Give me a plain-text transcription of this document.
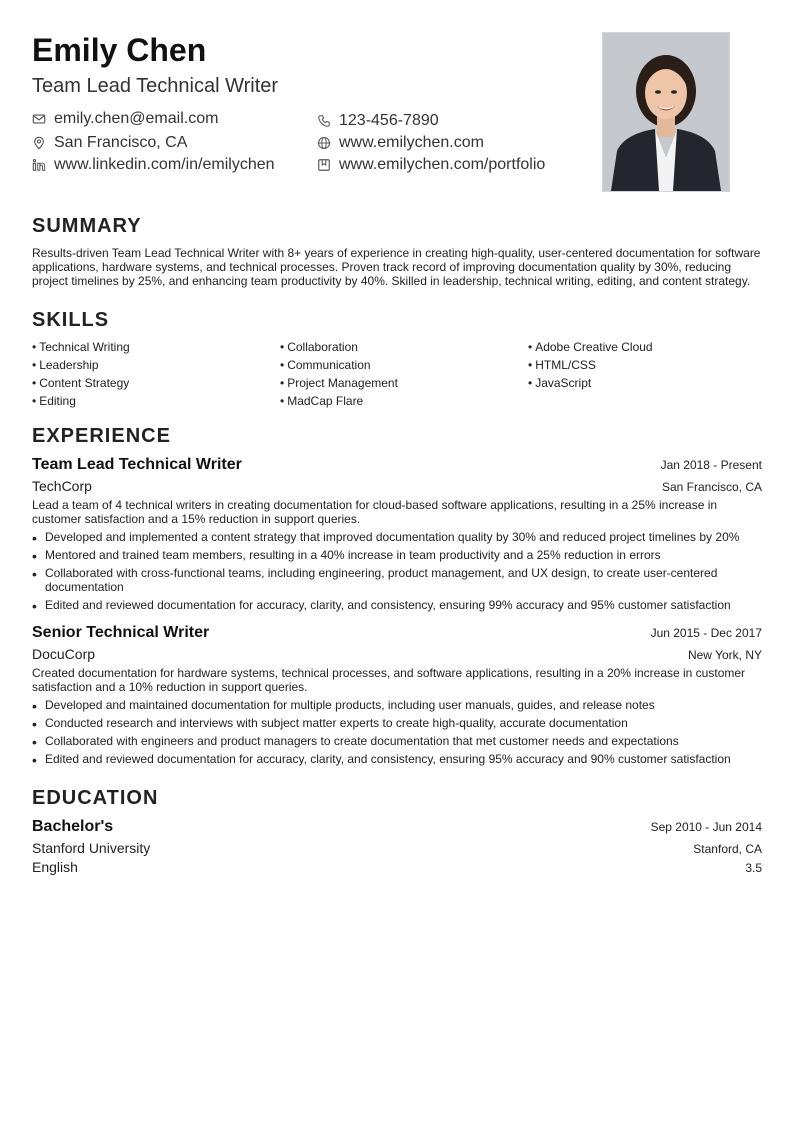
Emily Chen
Team Lead Technical Writer
emily.chen@email.com	123-456-7890
San Francisco, CA	www.emilychen.com
www.linkedin.com/in/emilychen	www.emilychen.com/portfolio
SUMMARY
Results-driven Team Lead Technical Writer with 8+ years of experience in creating high-quality, user-centered documentation for software applications, hardware systems, and technical processes. Proven track record of improving documentation quality by 30%, reducing project timelines by 25%, and enhancing team productivity by 40%. Skilled in leadership, technical writing, editing, and content strategy.
SKILLS
• Technical Writing	• Collaboration	• Adobe Creative Cloud
• Leadership	• Communication	• HTML/CSS
• Content Strategy	• Project Management	• JavaScript
• Editing	• MadCap Flare
EXPERIENCE
Team Lead Technical Writer	Jan 2018 - Present
TechCorp	San Francisco, CA
Lead a team of 4 technical writers in creating documentation for cloud-based software applications, resulting in a 25% increase in customer satisfaction and a 15% reduction in support queries.
• Developed and implemented a content strategy that improved documentation quality by 30% and reduced project timelines by 20%
• Mentored and trained team members, resulting in a 40% increase in team productivity and a 25% reduction in errors
• Collaborated with cross-functional teams, including engineering, product management, and UX design, to create user-centered documentation
• Edited and reviewed documentation for accuracy, clarity, and consistency, ensuring 99% accuracy and 95% customer satisfaction
Senior Technical Writer	Jun 2015 - Dec 2017
DocuCorp	New York, NY
Created documentation for hardware systems, technical processes, and software applications, resulting in a 20% increase in customer satisfaction and a 10% reduction in support queries.
• Developed and maintained documentation for multiple products, including user manuals, guides, and release notes
• Conducted research and interviews with subject matter experts to create high-quality, accurate documentation
• Collaborated with engineers and product managers to create documentation that met customer needs and expectations
• Edited and reviewed documentation for accuracy, clarity, and consistency, ensuring 95% accuracy and 90% customer satisfaction
EDUCATION
Bachelor's	Sep 2010 - Jun 2014
Stanford University	Stanford, CA
English	3.5
